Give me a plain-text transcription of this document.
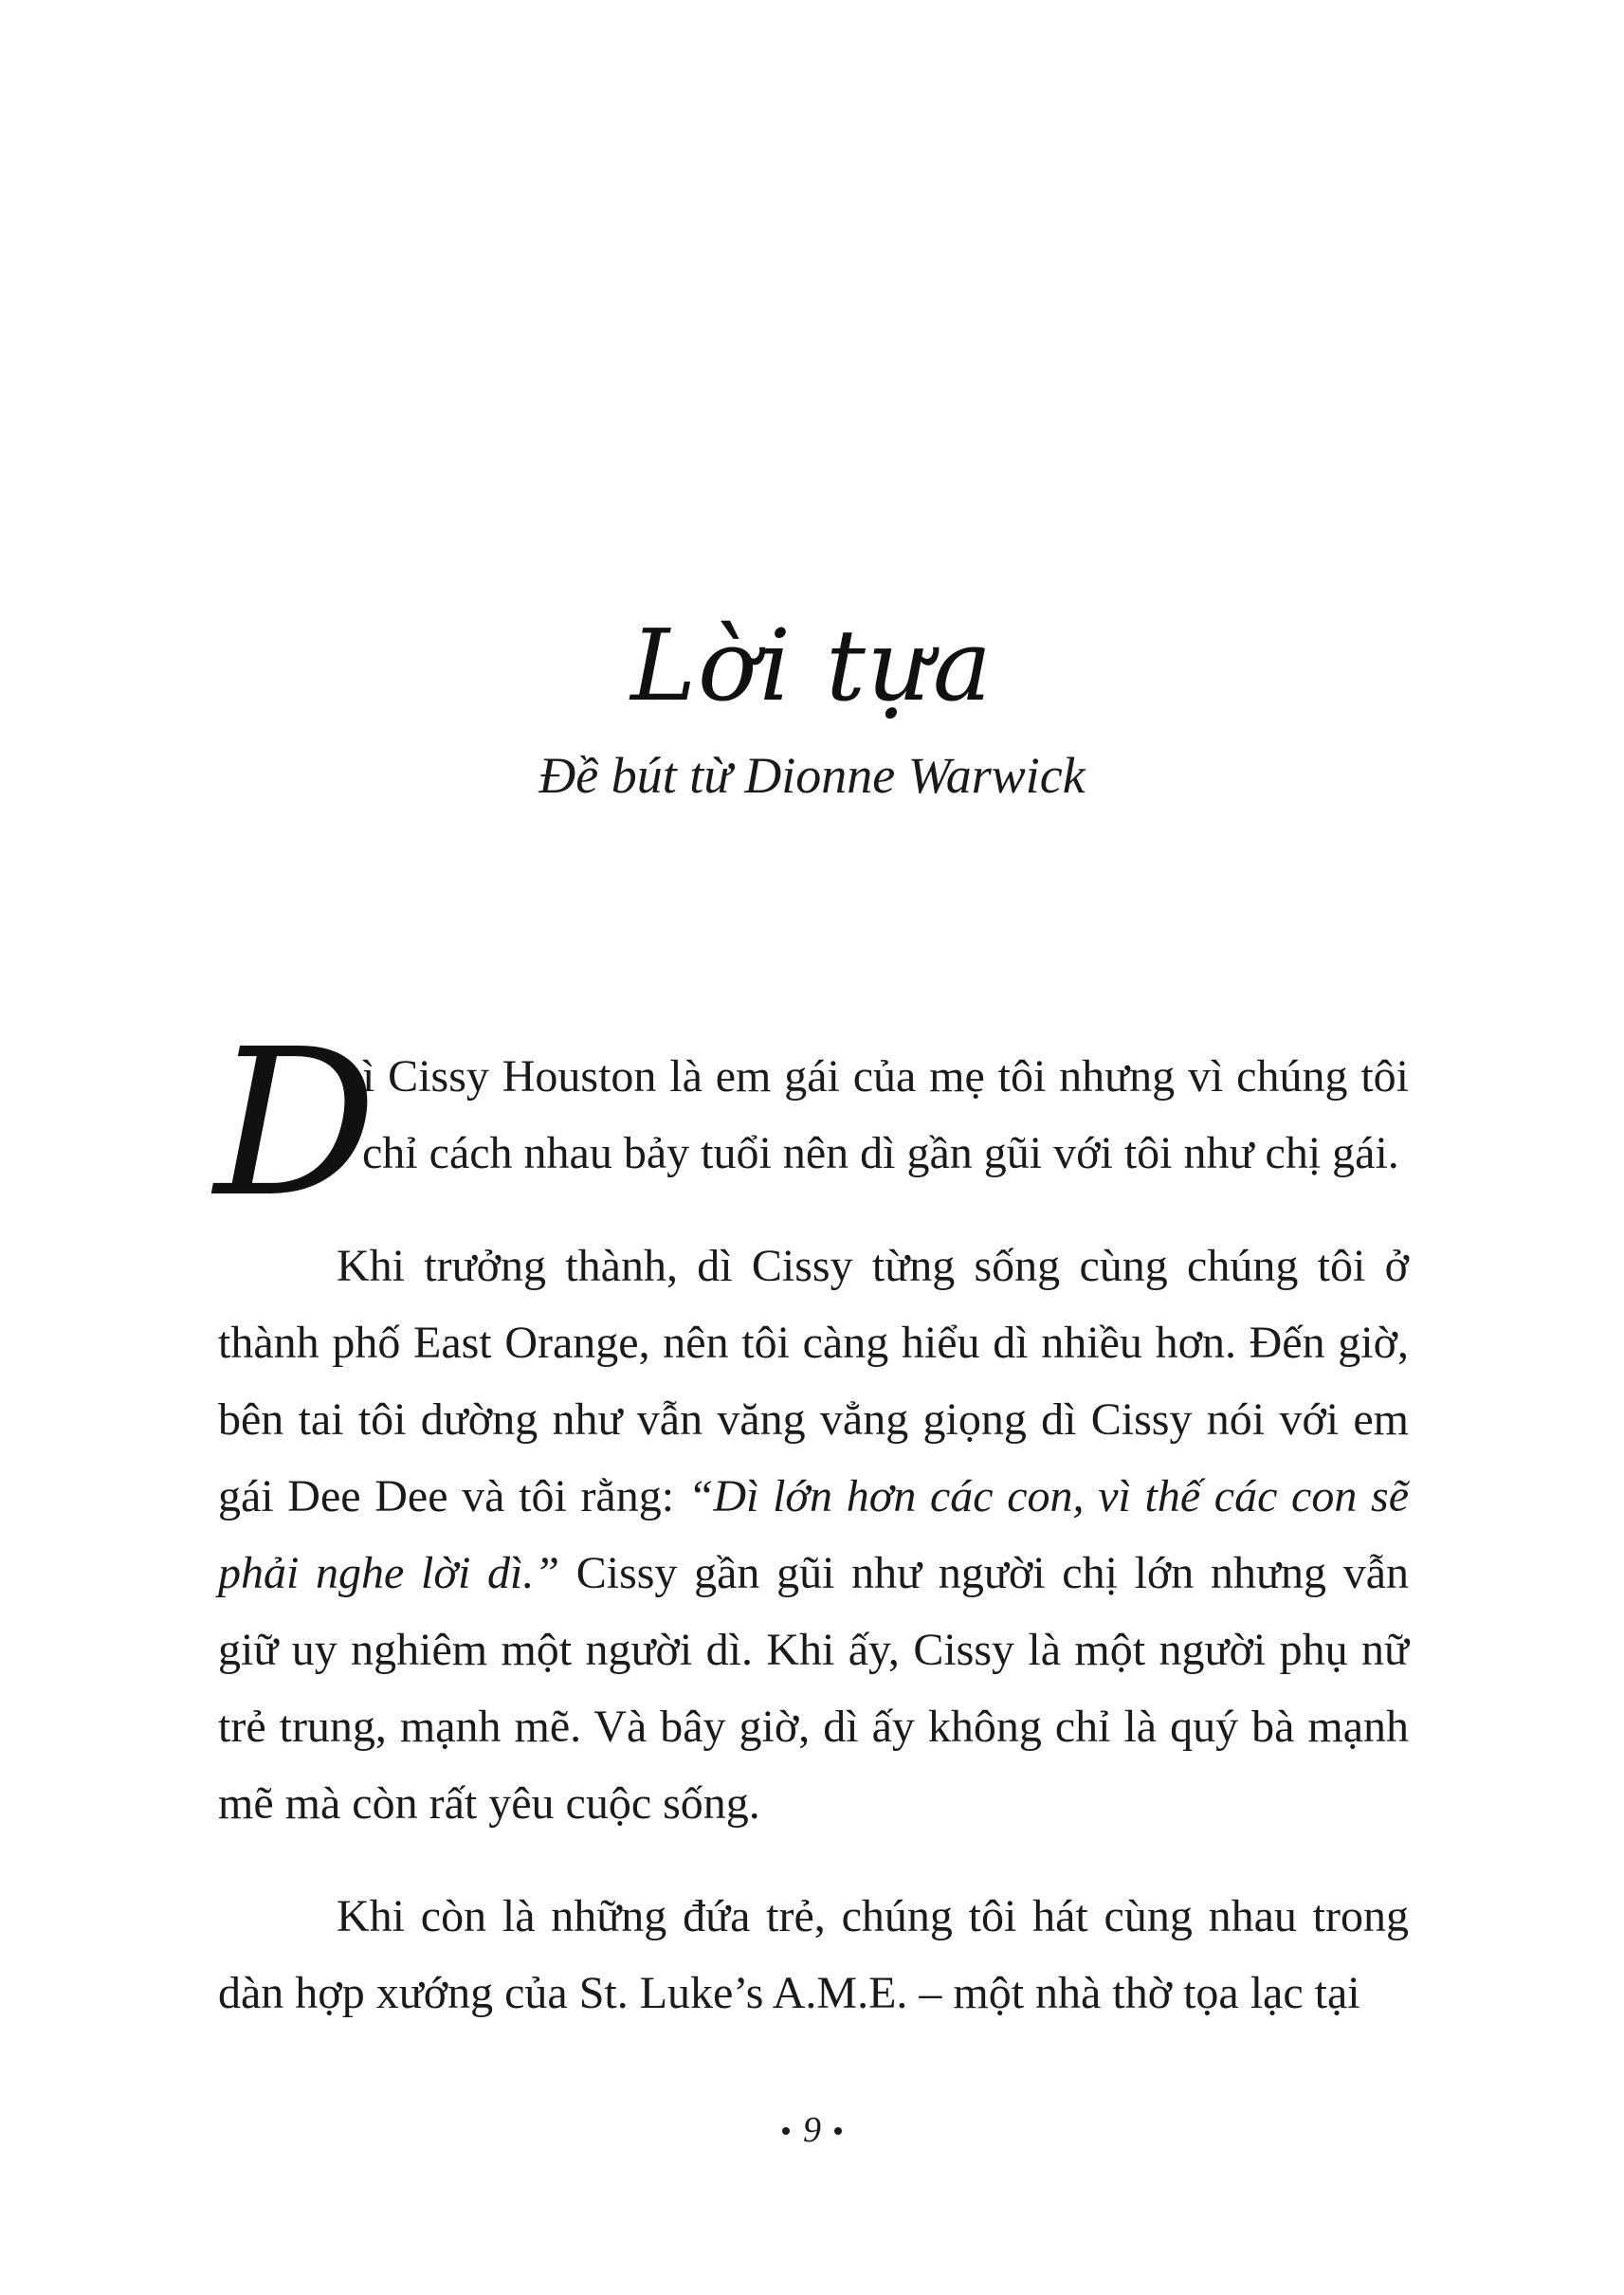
Lời tựa
Đề bút từ Dionne Warwick

D
ì Cissy Houston là em gái của mẹ tôi nhưng vì chúng tôi chỉ cách nhau bảy tuổi nên dì gần gũi với tôi như chị gái.

Khi trưởng thành, dì Cissy từng sống cùng chúng tôi ở thành phố East Orange, nên tôi càng hiểu dì nhiều hơn. Đến giờ, bên tai tôi dường như vẫn văng vẳng giọng dì Cissy nói với em gái Dee Dee và tôi rằng: “Dì lớn hơn các con, vì thế các con sẽ phải nghe lời dì.” Cissy gần gũi như người chị lớn nhưng vẫn giữ uy nghiêm một người dì. Khi ấy, Cissy là một người phụ nữ trẻ trung, mạnh mẽ. Và bây giờ, dì ấy không chỉ là quý bà mạnh mẽ mà còn rất yêu cuộc sống.

Khi còn là những đứa trẻ, chúng tôi hát cùng nhau trong dàn hợp xướng của St. Luke’s A.M.E. – một nhà thờ tọa lạc tại

9
